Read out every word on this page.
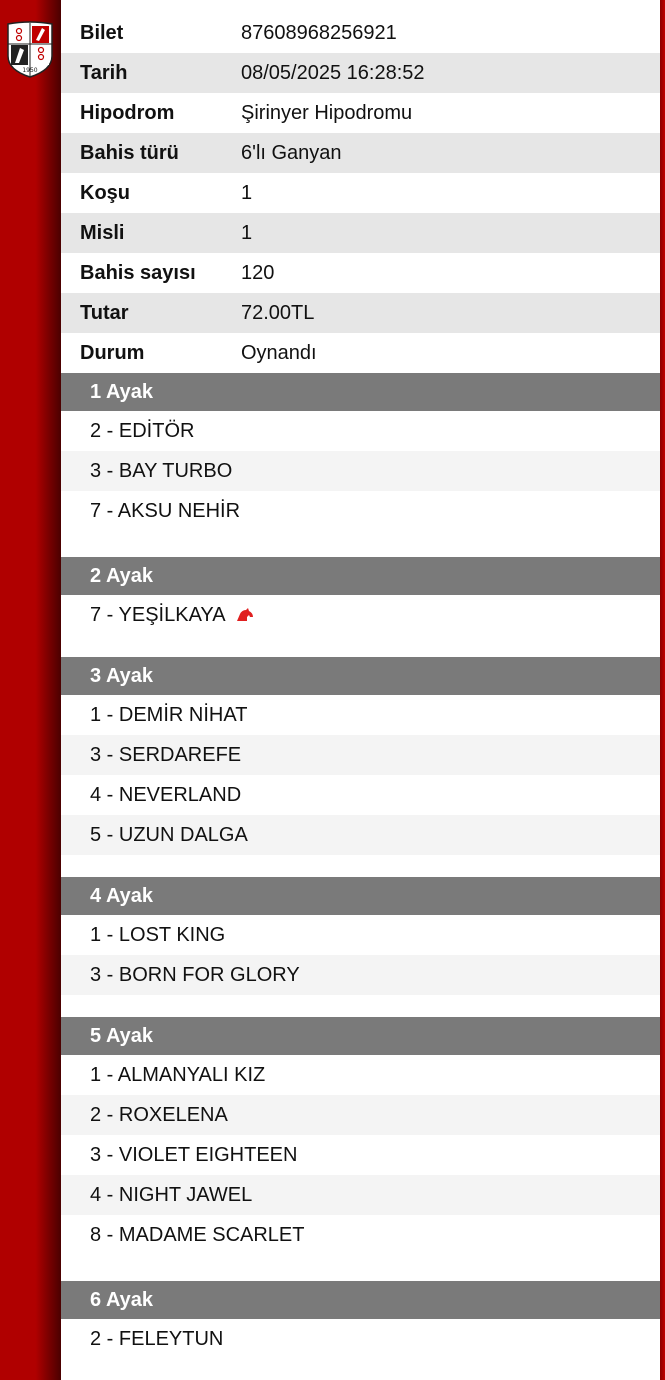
1950
Bilet	87608968256921
Tarih	08/05/2025 16:28:52
Hipodrom	Şirinyer Hipodromu
Bahis türü	6'lı Ganyan
Koşu	1
Misli	1
Bahis sayısı	120
Tutar	72.00TL
Durum	Oynandı
1 Ayak
2 - EDİTÖR
3 - BAY TURBO
7 - AKSU NEHİR
2 Ayak
7 - YEŞİLKAYA
3 Ayak
1 - DEMİR NİHAT
3 - SERDAREFE
4 - NEVERLAND
5 - UZUN DALGA
4 Ayak
1 - LOST KING
3 - BORN FOR GLORY
5 Ayak
1 - ALMANYALI KIZ
2 - ROXELENA
3 - VIOLET EIGHTEEN
4 - NIGHT JAWEL
8 - MADAME SCARLET
6 Ayak
2 - FELEYTUN
